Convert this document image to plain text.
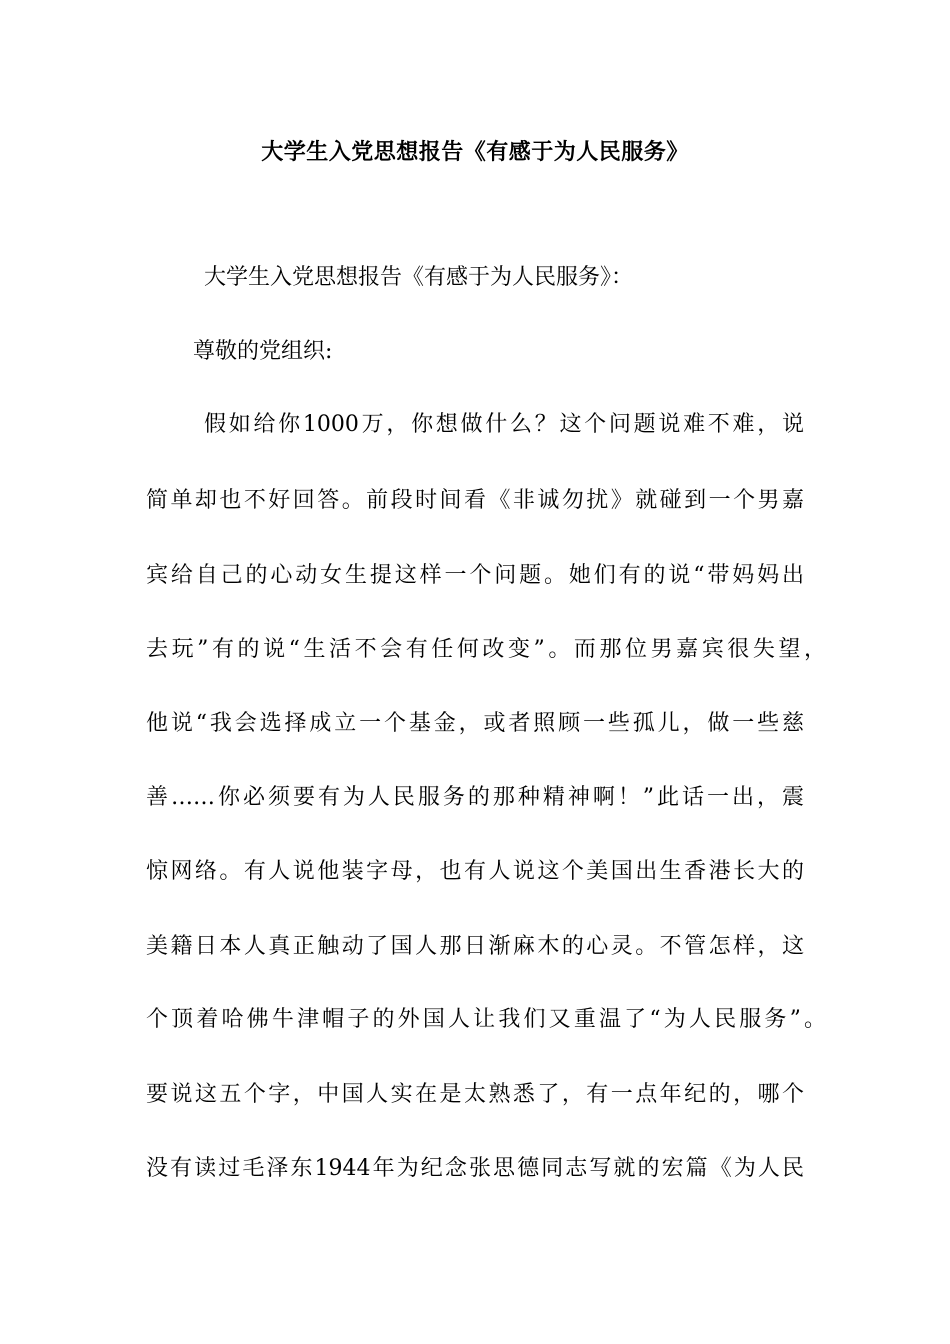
大学生入党思想报告《有感于为人民服务》
大学生入党思想报告《有感于为人民服务》：
尊敬的党组织:
假如给你1000万，你想做什么？这个问题说难不难，说
简单却也不好回答。前段时间看《非诚勿扰》就碰到一个男嘉
宾给自己的心动女生提这样一个问题。她们有的说“带妈妈出
去玩”有的说“生活不会有任何改变”。而那位男嘉宾很失望，
他说“我会选择成立一个基金，或者照顾一些孤儿，做一些慈
善……你必须要有为人民服务的那种精神啊！”此话一出，震
惊网络。有人说他装字母，也有人说这个美国出生香港长大的
美籍日本人真正触动了国人那日渐麻木的心灵。不管怎样，这
个顶着哈佛牛津帽子的外国人让我们又重温了“为人民服务”。
要说这五个字，中国人实在是太熟悉了，有一点年纪的，哪个
没有读过毛泽东1944年为纪念张思德同志写就的宏篇《为人民
